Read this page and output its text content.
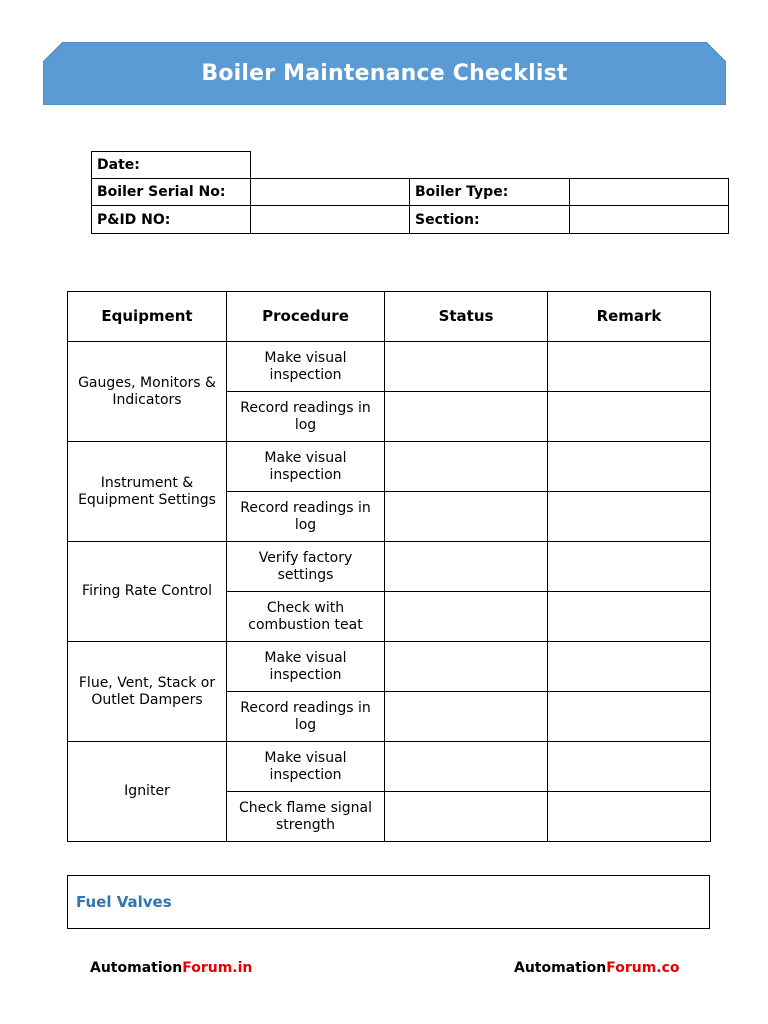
Boiler Maintenance Checklist
Date:
Boiler Serial No:	Boiler Type:
P&ID NO:	Section:
Equipment	Procedure	Status	Remark
Gauges, Monitors & Indicators	Make visual inspection		
	Record readings in log		
Instrument & Equipment Settings	Make visual inspection		
	Record readings in log		
Firing Rate Control	Verify factory settings		
	Check with combustion teat		
Flue, Vent, Stack or Outlet Dampers	Make visual inspection		
	Record readings in log		
Igniter	Make visual inspection		
	Check flame signal strength		
Fuel Valves
AutomationForum.in	AutomationForum.co
